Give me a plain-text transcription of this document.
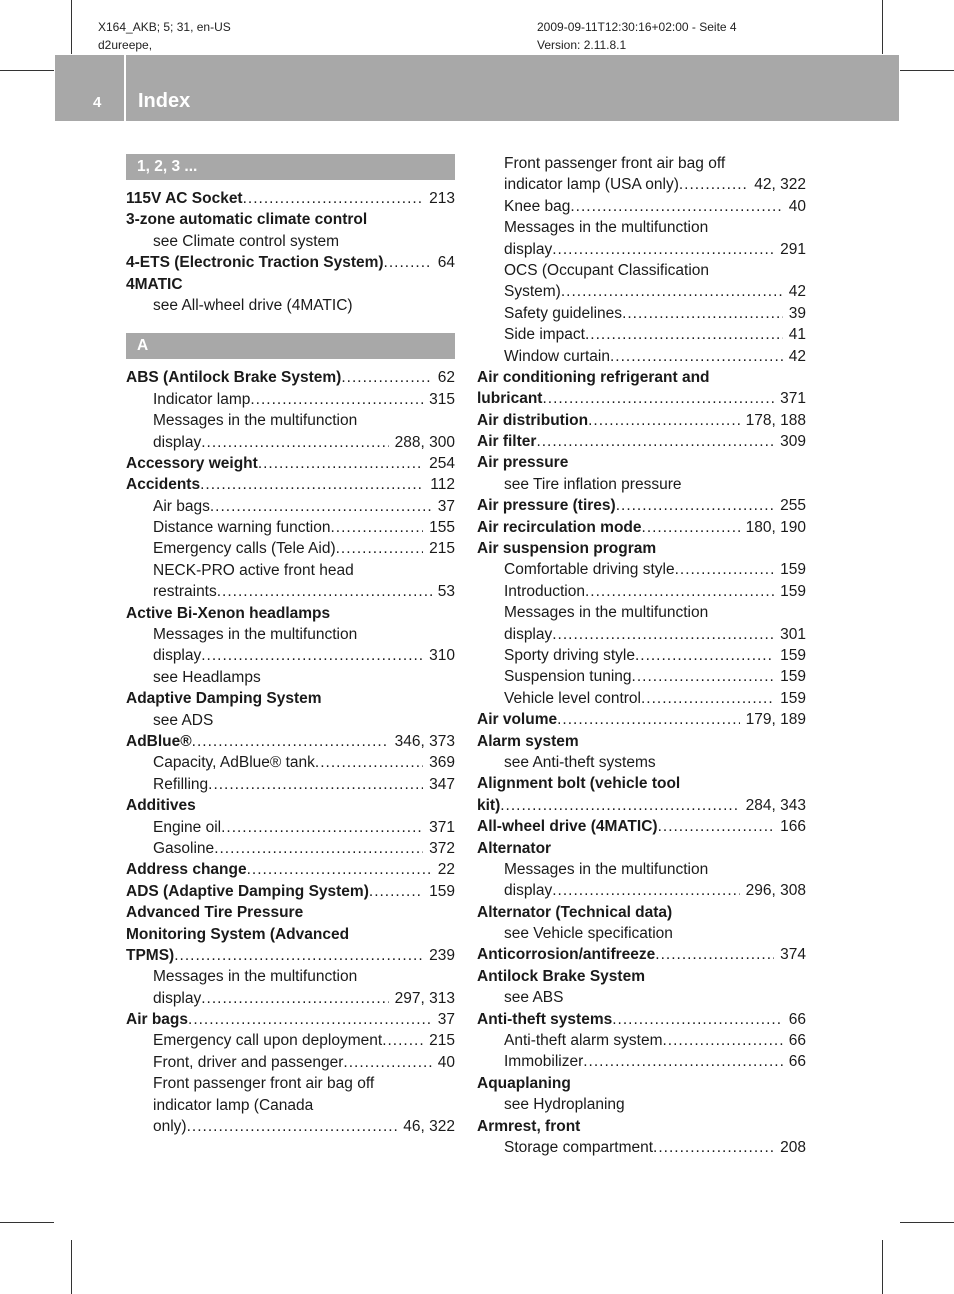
X164_AKB; 5; 31, en-US
d2ureepe,
2009-09-11T12:30:16+02:00 - Seite 4
Version: 2.11.8.1
4 Index
1, 2, 3 ...
115V AC Socket .....	213
3-zone automatic climate control
see Climate control system
4-ETS (Electronic Traction System) .....	64
4MATIC
see All-wheel drive (4MATIC)
A
ABS (Antilock Brake System) .....	62
Indicator lamp .....	315
Messages in the multifunction
display .....	288, 300
Accessory weight .....	254
Accidents .....	112
Air bags .....	37
Distance warning function .....	155
Emergency calls (Tele Aid) .....	215
NECK-PRO active front head
restraints .....	53
Active Bi-Xenon headlamps
Messages in the multifunction
display .....	310
see Headlamps
Adaptive Damping System
see ADS
AdBlue® .....	346, 373
Capacity, AdBlue® tank .....	369
Refilling .....	347
Additives
Engine oil .....	371
Gasoline .....	372
Address change .....	22
ADS (Adaptive Damping System) .....	159
Advanced Tire Pressure
Monitoring System (Advanced
TPMS) .....	239
Messages in the multifunction
display .....	297, 313
Air bags .....	37
Emergency call upon deployment .....	215
Front, driver and passenger .....	40
Front passenger front air bag off
indicator lamp (Canada
only) .....	46, 322
Front passenger front air bag off
indicator lamp (USA only) .....	42, 322
Knee bag .....	40
Messages in the multifunction
display .....	291
OCS (Occupant Classification
System) .....	42
Safety guidelines .....	39
Side impact .....	41
Window curtain .....	42
Air conditioning refrigerant and
lubricant .....	371
Air distribution .....	178, 188
Air filter .....	309
Air pressure
see Tire inflation pressure
Air pressure (tires) .....	255
Air recirculation mode .....	180, 190
Air suspension program
Comfortable driving style .....	159
Introduction .....	159
Messages in the multifunction
display .....	301
Sporty driving style .....	159
Suspension tuning .....	159
Vehicle level control .....	159
Air volume .....	179, 189
Alarm system
see Anti-theft systems
Alignment bolt (vehicle tool
kit) .....	284, 343
All-wheel drive (4MATIC) .....	166
Alternator
Messages in the multifunction
display .....	296, 308
Alternator (Technical data)
see Vehicle specification
Anticorrosion/antifreeze .....	374
Antilock Brake System
see ABS
Anti-theft systems .....	66
Anti-theft alarm system .....	66
Immobilizer .....	66
Aquaplaning
see Hydroplaning
Armrest, front
Storage compartment .....	208
